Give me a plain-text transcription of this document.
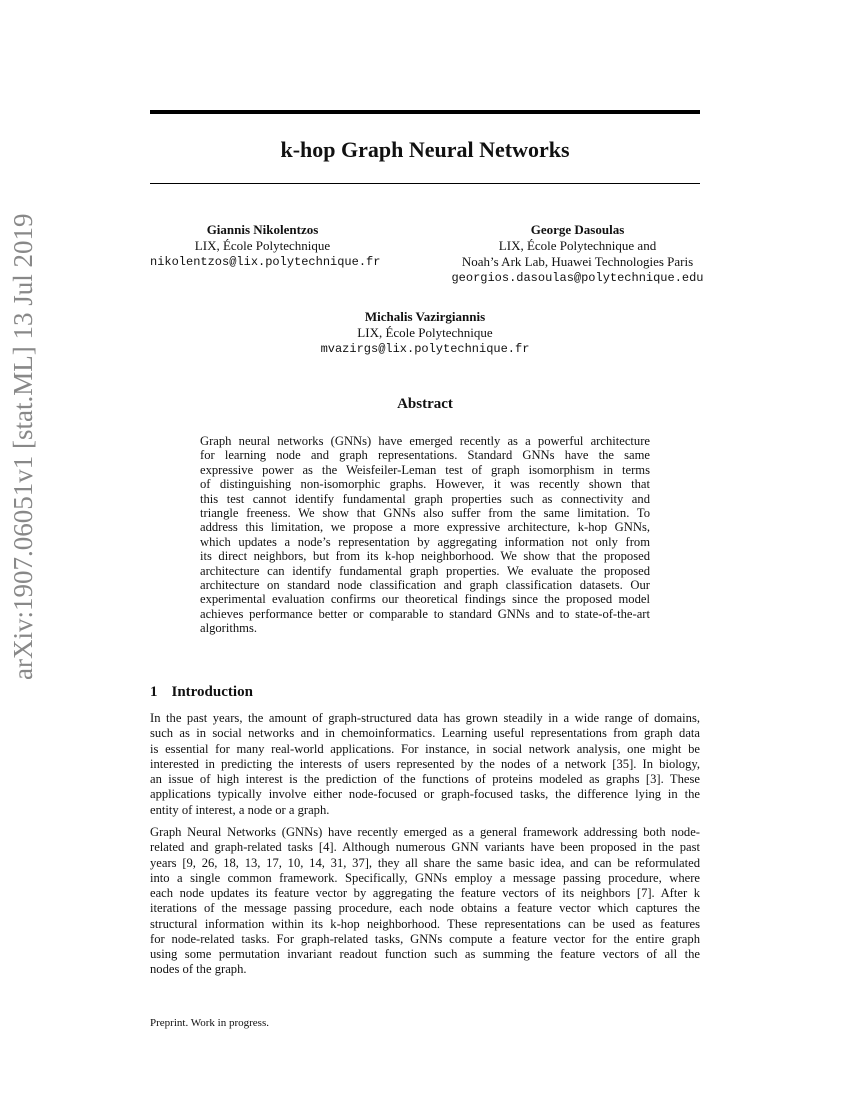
arXiv:1907.06051v1 [stat.ML] 13 Jul 2019
k-hop Graph Neural Networks
Giannis Nikolentzos
LIX, École Polytechnique
nikolentzos@lix.polytechnique.fr
George Dasoulas
LIX, École Polytechnique and
Noah’s Ark Lab, Huawei Technologies Paris
georgios.dasoulas@polytechnique.edu
Michalis Vazirgiannis
LIX, École Polytechnique
mvazirgs@lix.polytechnique.fr
Abstract
Graph neural networks (GNNs) have emerged recently as a powerful architecture
for learning node and graph representations. Standard GNNs have the same
expressive power as the Weisfeiler-Leman test of graph isomorphism in terms
of distinguishing non-isomorphic graphs. However, it was recently shown that
this test cannot identify fundamental graph properties such as connectivity and
triangle freeness. We show that GNNs also suffer from the same limitation. To
address this limitation, we propose a more expressive architecture, k-hop GNNs,
which updates a node’s representation by aggregating information not only from
its direct neighbors, but from its k-hop neighborhood. We show that the proposed
architecture can identify fundamental graph properties. We evaluate the proposed
architecture on standard node classification and graph classification datasets. Our
experimental evaluation confirms our theoretical findings since the proposed model
achieves performance better or comparable to standard GNNs and to state-of-the-art
algorithms.
1 Introduction
In the past years, the amount of graph-structured data has grown steadily in a wide range of domains,
such as in social networks and in chemoinformatics. Learning useful representations from graph data
is essential for many real-world applications. For instance, in social network analysis, one might be
interested in predicting the interests of users represented by the nodes of a network [35]. In biology,
an issue of high interest is the prediction of the functions of proteins modeled as graphs [3]. These
applications typically involve either node-focused or graph-focused tasks, the difference lying in the
entity of interest, a node or a graph.
Graph Neural Networks (GNNs) have recently emerged as a general framework addressing both node-
related and graph-related tasks [4]. Although numerous GNN variants have been proposed in the past
years [9, 26, 18, 13, 17, 10, 14, 31, 37], they all share the same basic idea, and can be reformulated
into a single common framework. Specifically, GNNs employ a message passing procedure, where
each node updates its feature vector by aggregating the feature vectors of its neighbors [7]. After k
iterations of the message passing procedure, each node obtains a feature vector which captures the
structural information within its k-hop neighborhood. These representations can be used as features
for node-related tasks. For graph-related tasks, GNNs compute a feature vector for the entire graph
using some permutation invariant readout function such as summing the feature vectors of all the
nodes of the graph.
Preprint. Work in progress.
